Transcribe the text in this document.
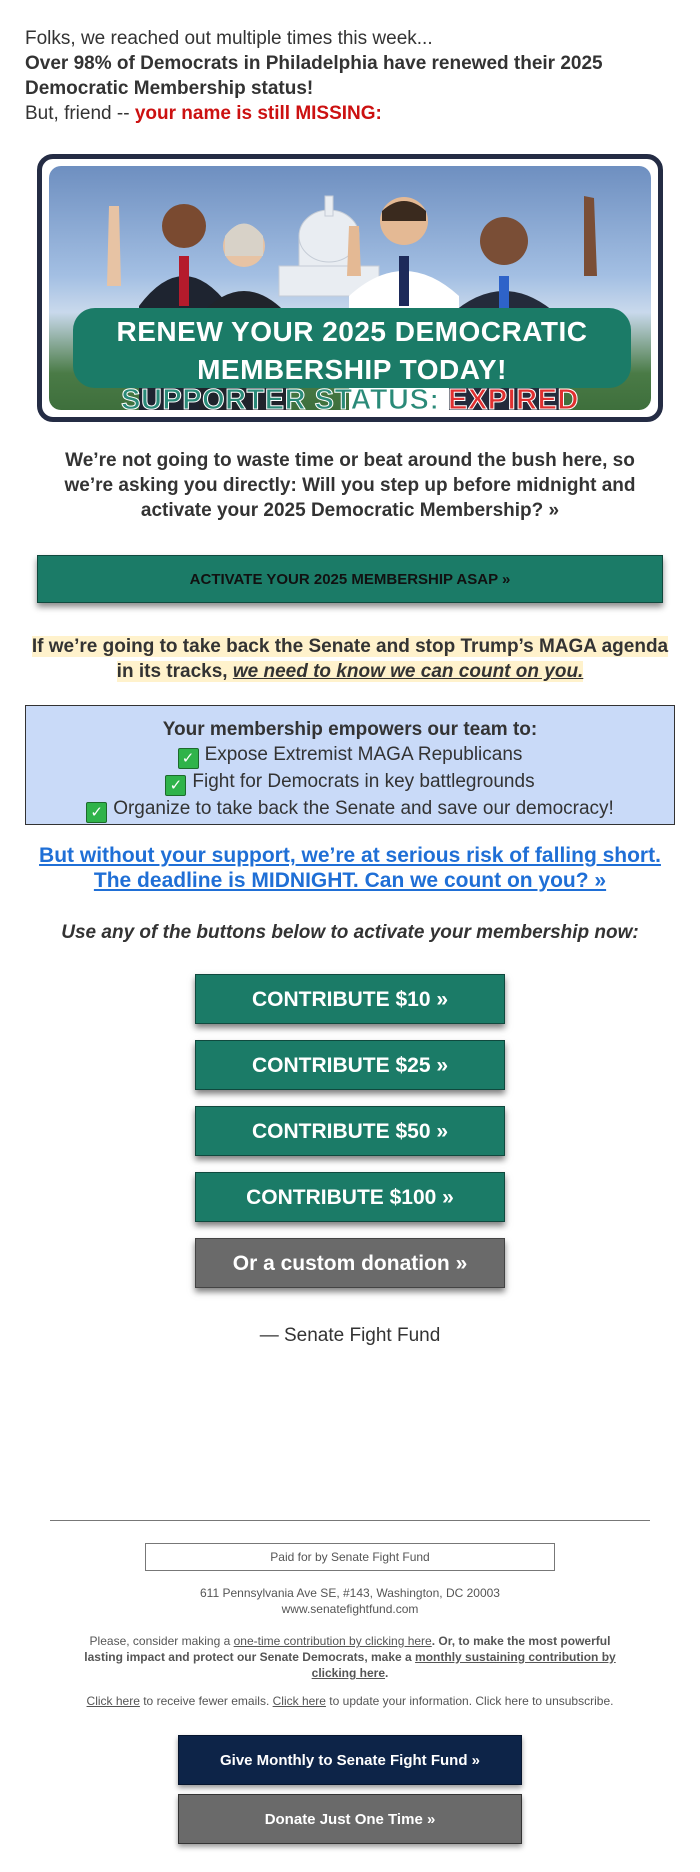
Folks, we reached out multiple times this week...

Over 98% of Democrats in Philadelphia have renewed their 2025 Democratic Membership status!

But, friend -- your name is still MISSING:

RENEW YOUR 2025 DEMOCRATIC MEMBERSHIP TODAY!
SUPPORTER STATUS: EXPIRED
We’re not going to waste time or beat around the bush here, so we’re asking you directly: Will you step up before midnight and activate your 2025 Democratic Membership? »
ACTIVATE YOUR 2025 MEMBERSHIP ASAP »
If we’re going to take back the Senate and stop Trump’s MAGA agenda in its tracks, we need to know we can count on you.
Your membership empowers our team to:
✓ Expose Extremist MAGA Republicans
✓ Fight for Democrats in key battlegrounds
✓ Organize to take back the Senate and save our democracy!
But without your support, we’re at serious risk of falling short. The deadline is MIDNIGHT. Can we count on you? »
Use any of the buttons below to activate your membership now:
CONTRIBUTE $10 »
CONTRIBUTE $25 »
CONTRIBUTE $50 »
CONTRIBUTE $100 »
Or a custom donation »
— Senate Fight Fund
Paid for by Senate Fight Fund
611 Pennsylvania Ave SE, #143, Washington, DC 20003
www.senatefightfund.com
Please, consider making a one-time contribution by clicking here. Or, to make the most powerful lasting impact and protect our Senate Democrats, make a monthly sustaining contribution by clicking here.
Click here to receive fewer emails. Click here to update your information. Click here to unsubscribe.
Give Monthly to Senate Fight Fund »
Donate Just One Time »
